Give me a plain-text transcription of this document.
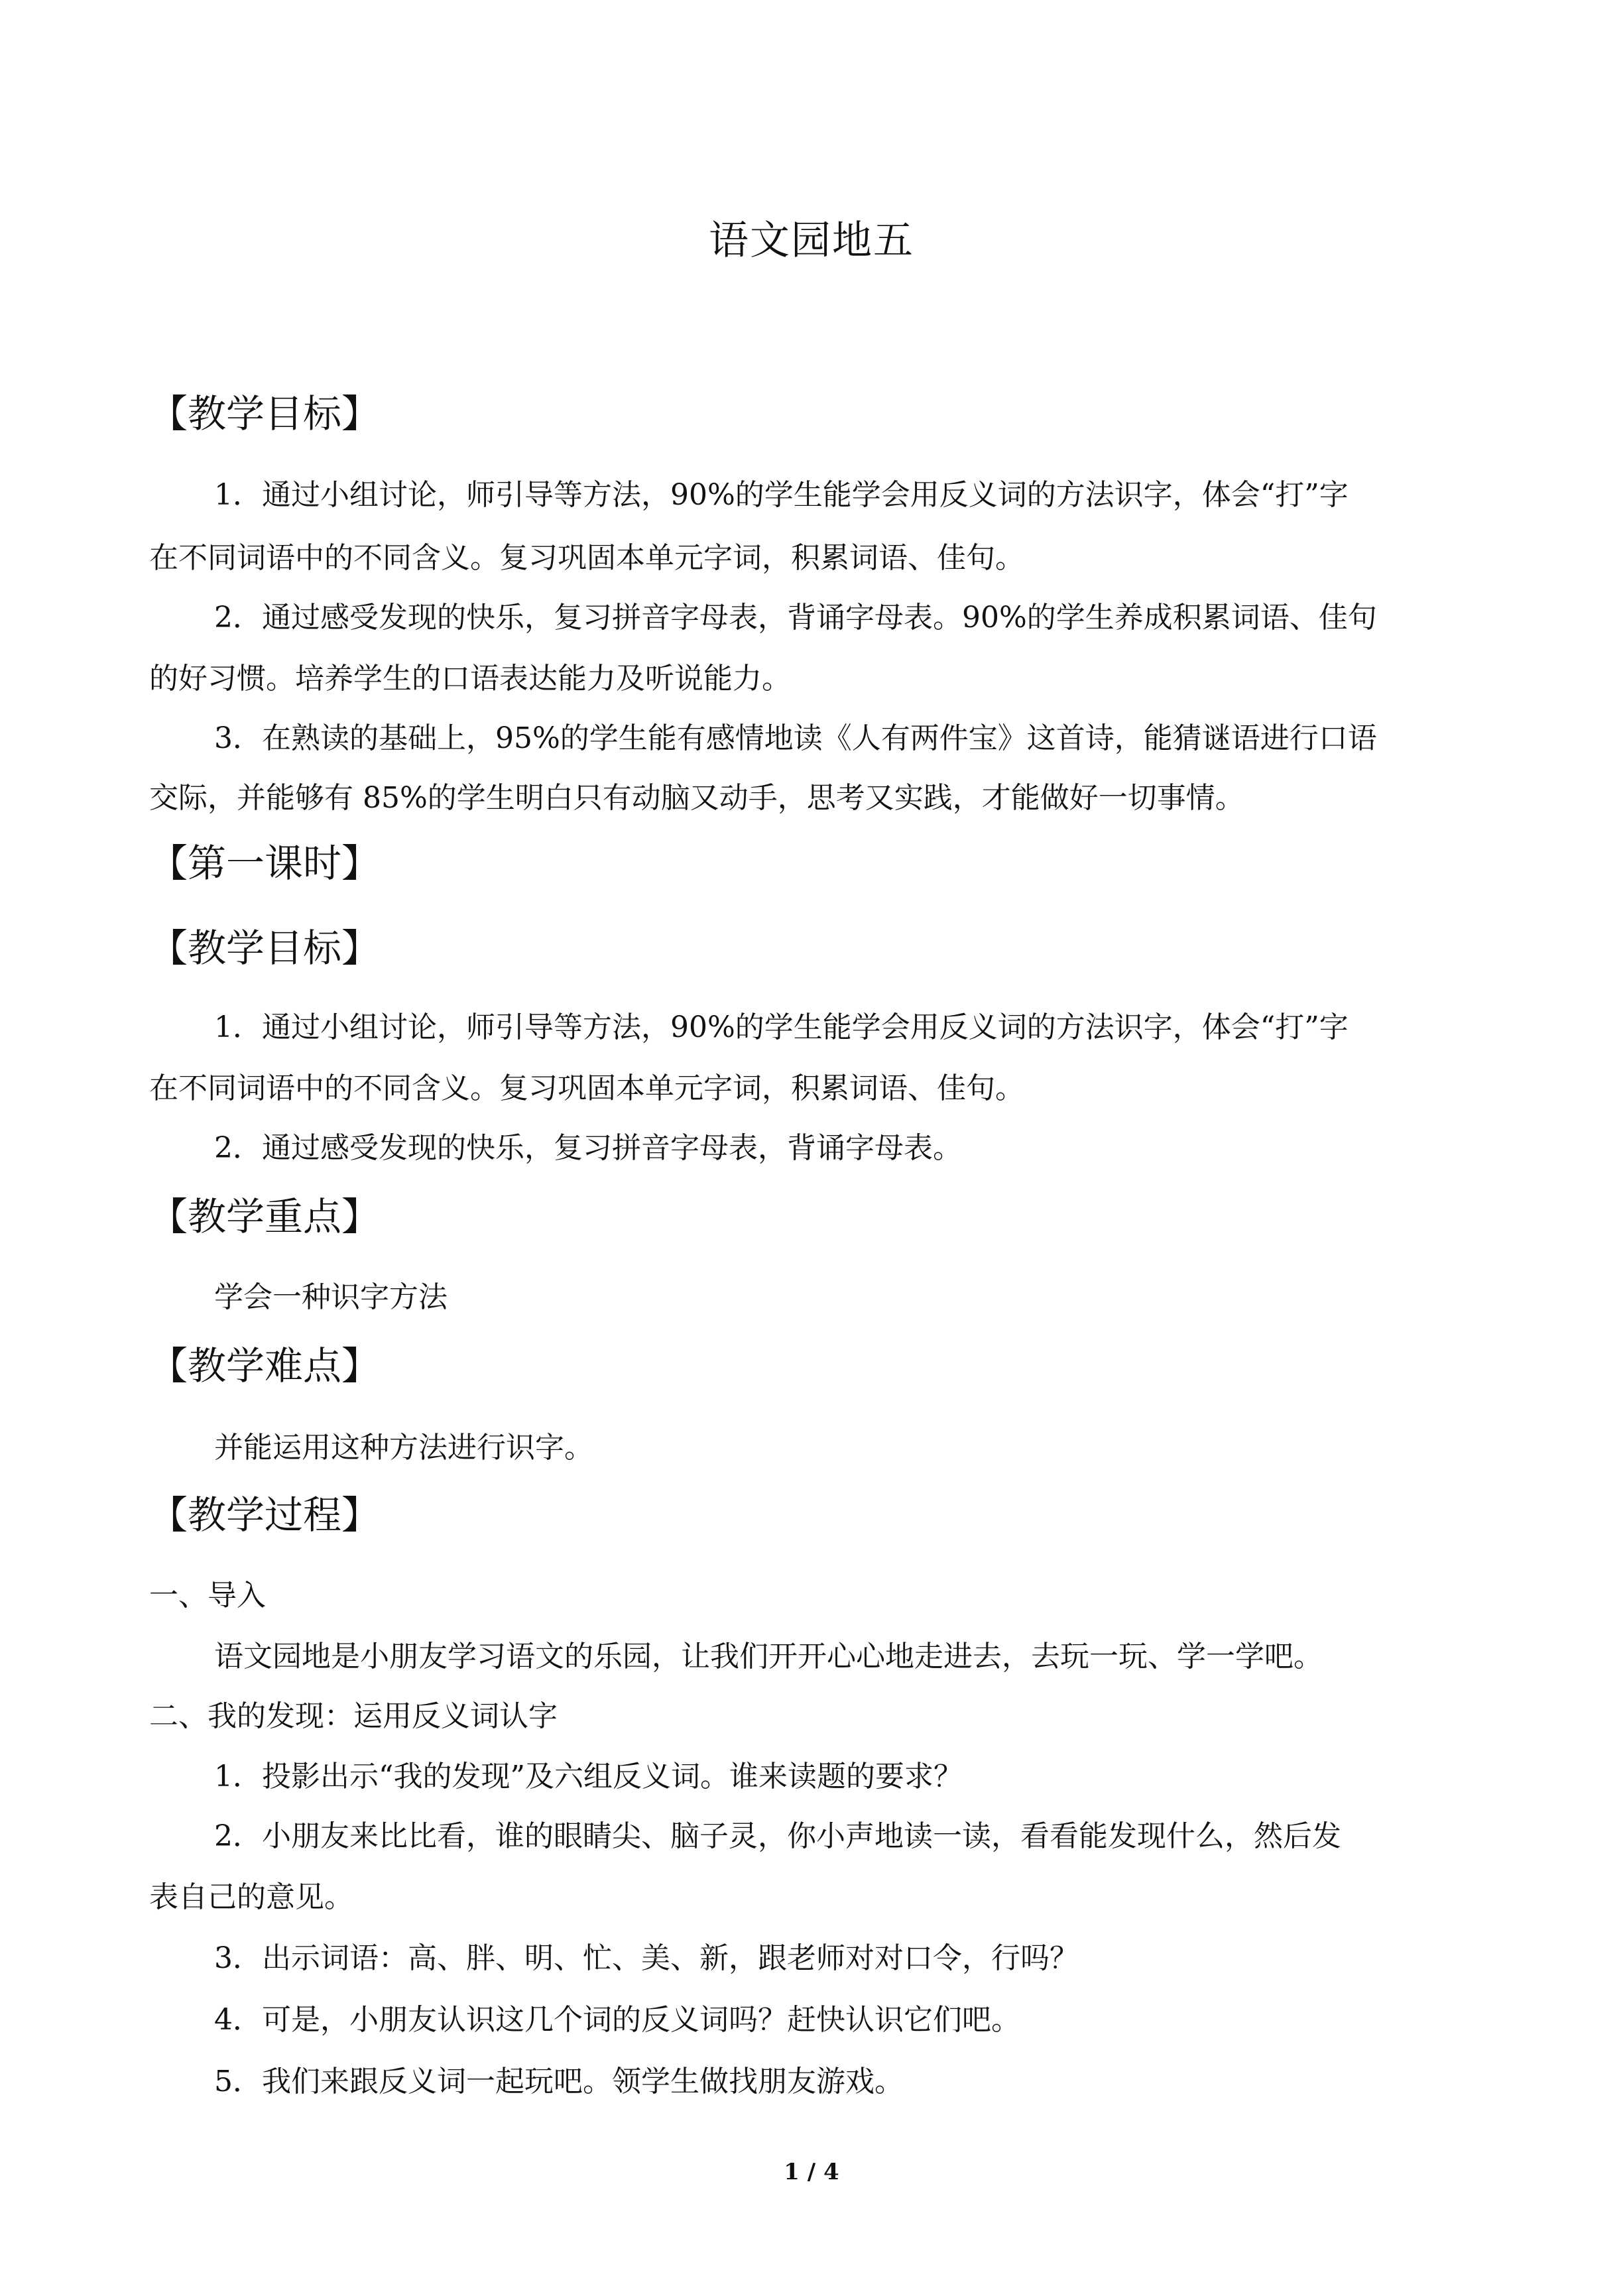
语文园地五
【教学目标】
1．通过小组讨论，师引导等方法，90%的学生能学会用反义词的方法识字，体会“打”字
在不同词语中的不同含义。复习巩固本单元字词，积累词语、佳句。
2．通过感受发现的快乐，复习拼音字母表，背诵字母表。90%的学生养成积累词语、佳句
的好习惯。培养学生的口语表达能力及听说能力。
3．在熟读的基础上，95%的学生能有感情地读《人有两件宝》这首诗，能猜谜语进行口语
交际，并能够有 85%的学生明白只有动脑又动手，思考又实践，才能做好一切事情。
【第一课时】
【教学目标】
1．通过小组讨论，师引导等方法，90%的学生能学会用反义词的方法识字，体会“打”字
在不同词语中的不同含义。复习巩固本单元字词，积累词语、佳句。
2．通过感受发现的快乐，复习拼音字母表，背诵字母表。
【教学重点】
学会一种识字方法
【教学难点】
并能运用这种方法进行识字。
【教学过程】
一、导入
语文园地是小朋友学习语文的乐园，让我们开开心心地走进去，去玩一玩、学一学吧。
二、我的发现：运用反义词认字
1．投影出示“我的发现”及六组反义词。谁来读题的要求？
2．小朋友来比比看，谁的眼睛尖、脑子灵，你小声地读一读，看看能发现什么，然后发
表自己的意见。
3．出示词语：高、胖、明、忙、美、新，跟老师对对口令，行吗？
4．可是，小朋友认识这几个词的反义词吗？赶快认识它们吧。
5．我们来跟反义词一起玩吧。领学生做找朋友游戏。
1 / 4
